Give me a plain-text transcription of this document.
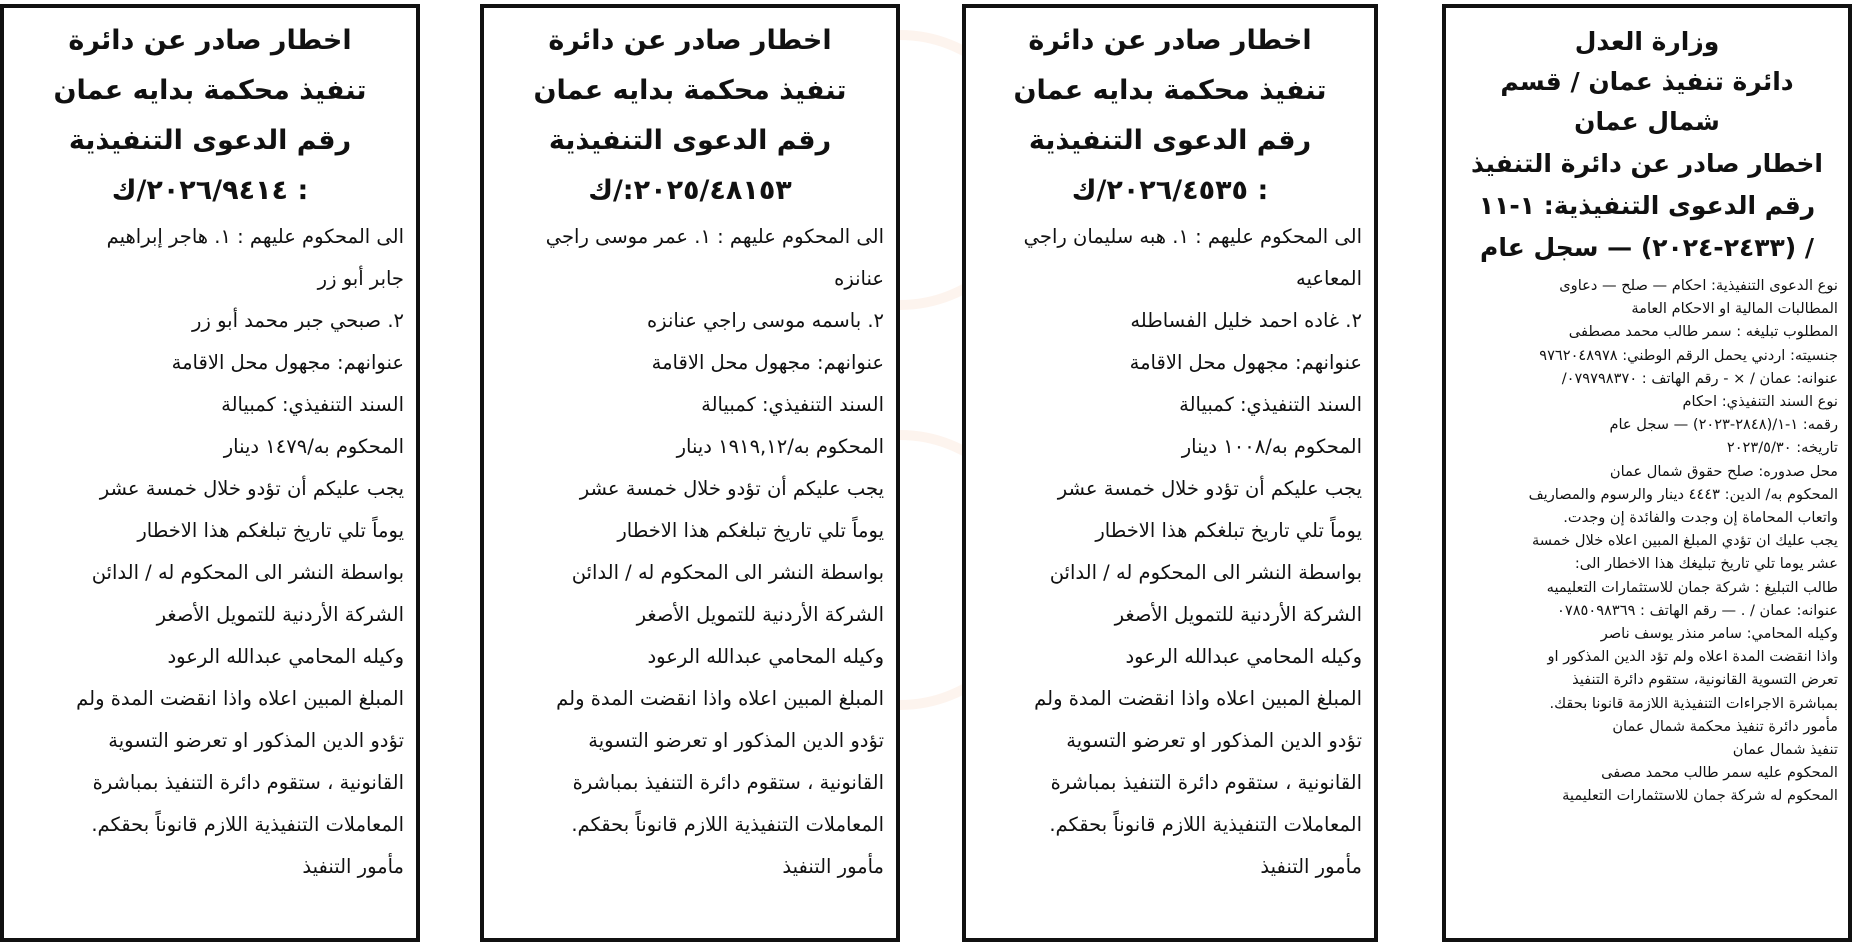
وزارة العدل
دائرة تنفيذ عمان / قسم
شمال عمان
اخطار صادر عن دائرة التنفيذ
رقم الدعوى التنفيذية: ١-١١
/ (٢٤٣٣-٢٠٢٤) — سجل عام

نوع الدعوى التنفيذية: احكام — صلح — دعاوى

المطالبات المالية او الاحكام العامة

المطلوب تبليغه : سمر طالب محمد مصطفى

جنسيته: اردني يحمل الرقم الوطني: ٩٧٦٢٠٤٨٩٧٨

عنوانه: عمان / × - رقم الهاتف : ٠٧٩٧٩٨٣٧٠/

نوع السند التنفيذي: احكام

رقمه: ١-١/(٢٨٤٨-٢٠٢٣) — سجل عام

تاريخه: ٢٠٢٣/٥/٣٠

محل صدوره: صلح حقوق شمال عمان

المحكوم به/ الدين: ٤٤٤٣ دينار والرسوم والمصاريف

واتعاب المحاماة إن وجدت والفائدة إن وجدت.

يجب عليك ان تؤدي المبلغ المبين اعلاه خلال خمسة

عشر يوما تلي تاريخ تبليغك هذا الاخطار الى:

طالب التبليغ : شركة جمان للاستثمارات التعليميه

عنوانه: عمان / . — رقم الهاتف : ٠٧٨٥٠٩٨٣٦٩

وكيله المحامي: سامر منذر يوسف ناصر

واذا انقضت المدة اعلاه ولم تؤد الدين المذكور او

تعرض التسوية القانونية، ستقوم دائرة التنفيذ

بمباشرة الاجراءات التنفيذية اللازمة قانونا بحقك.

مأمور دائرة تنفيذ محكمة شمال عمان

تنفيذ شمال عمان

المحكوم عليه سمر طالب محمد مصفى

المحكوم له شركة جمان للاستثمارات التعليمية

اخطار صادر عن دائرة
تنفيذ محكمة بدايه عمان
رقم الدعوى التنفيذية
: ٢٠٢٦/٤٥٣٥/ك

الى المحكوم عليهم : ١. هبه سليمان راجي

المعاعيه

٢. غاده احمد خليل الفساطله

عنوانهم: مجهول محل الاقامة

السند التنفيذي: كمبيالة

المحكوم به/١٠٠٨ دينار

يجب عليكم أن تؤدو خلال خمسة عشر

يوماً تلي تاريخ تبلغكم هذا الاخطار

بواسطة النشر الى المحكوم له / الدائن

الشركة الأردنية للتمويل الأصغر

وكيله المحامي عبدالله الرعود

المبلغ المبين اعلاه واذا انقضت المدة ولم

تؤدو الدين المذكور او تعرضو التسوية

القانونية ، ستقوم دائرة التنفيذ بمباشرة

المعاملات التنفيذية اللازم قانوناً بحقكم.

مأمور التنفيذ

اخطار صادر عن دائرة
تنفيذ محكمة بدايه عمان
رقم الدعوى التنفيذية
٢٠٢٥/٤٨١٥٣:/ك

الى المحكوم عليهم : ١. عمر موسى راجي

عنانزه

٢. باسمه موسى راجي عنانزه

عنوانهم: مجهول محل الاقامة

السند التنفيذي: كمبيالة

المحكوم به/١٩١٩,١٢ دينار

يجب عليكم أن تؤدو خلال خمسة عشر

يوماً تلي تاريخ تبلغكم هذا الاخطار

بواسطة النشر الى المحكوم له / الدائن

الشركة الأردنية للتمويل الأصغر

وكيله المحامي عبدالله الرعود

المبلغ المبين اعلاه واذا انقضت المدة ولم

تؤدو الدين المذكور او تعرضو التسوية

القانونية ، ستقوم دائرة التنفيذ بمباشرة

المعاملات التنفيذية اللازم قانوناً بحقكم.

مأمور التنفيذ

اخطار صادر عن دائرة
تنفيذ محكمة بدايه عمان
رقم الدعوى التنفيذية
: ٢٠٢٦/٩٤١٤/ك

الى المحكوم عليهم : ١. هاجر إبراهيم

جابر أبو زر

٢. صبحي جبر محمد أبو زر

عنوانهم: مجهول محل الاقامة

السند التنفيذي: كمبيالة

المحكوم به/١٤٧٩ دينار

يجب عليكم أن تؤدو خلال خمسة عشر

يوماً تلي تاريخ تبلغكم هذا الاخطار

بواسطة النشر الى المحكوم له / الدائن

الشركة الأردنية للتمويل الأصغر

وكيله المحامي عبدالله الرعود

المبلغ المبين اعلاه واذا انقضت المدة ولم

تؤدو الدين المذكور او تعرضو التسوية

القانونية ، ستقوم دائرة التنفيذ بمباشرة

المعاملات التنفيذية اللازم قانوناً بحقكم.

مأمور التنفيذ
